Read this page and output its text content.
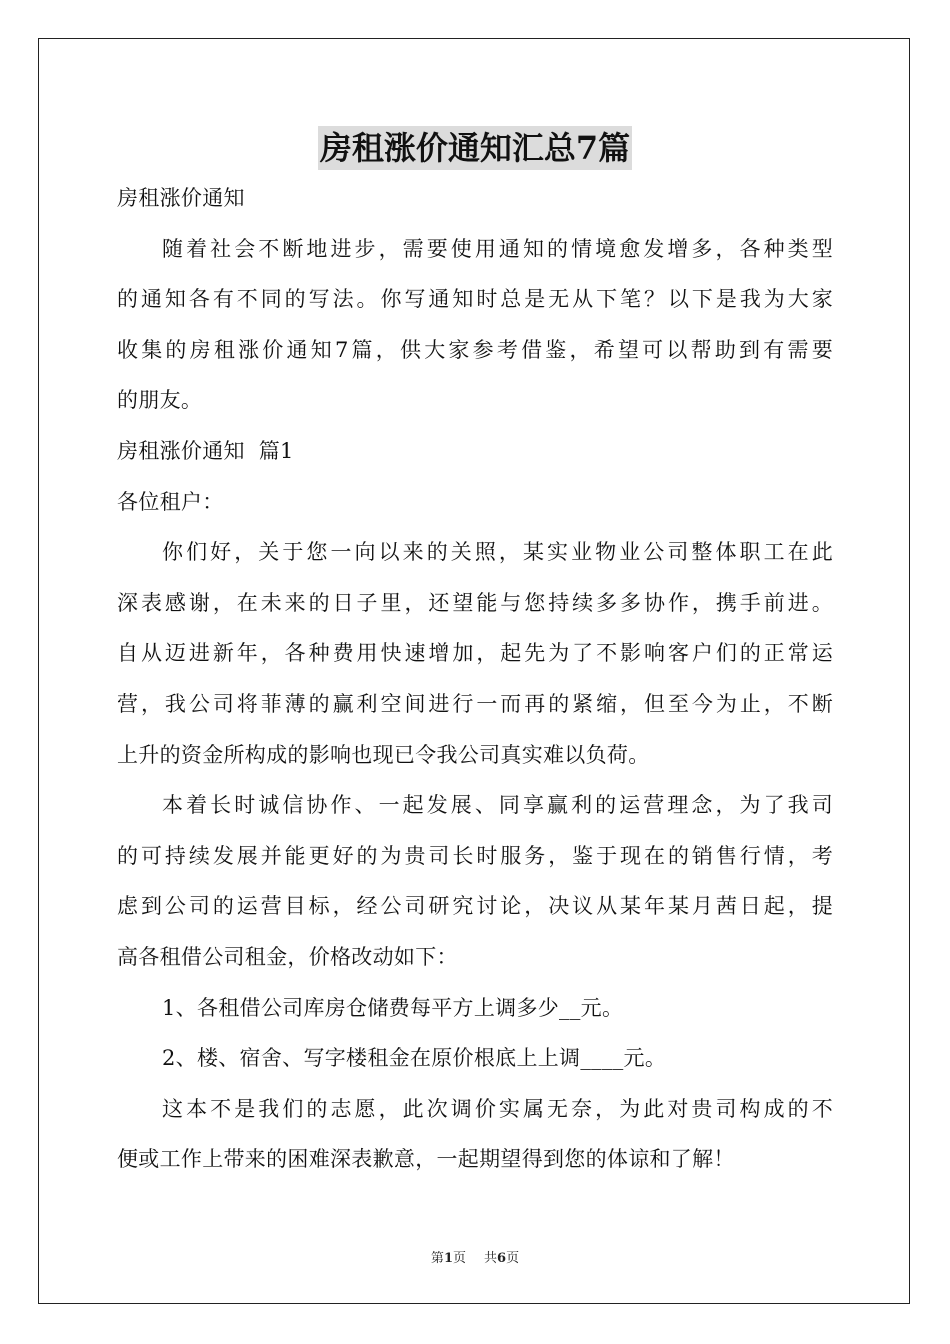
房租涨价通知汇总7篇
房租涨价通知
随着社会不断地进步，需要使用通知的情境愈发增多，各种类型
的通知各有不同的写法。你写通知时总是无从下笔？以下是我为大家
收集的房租涨价通知7篇，供大家参考借鉴，希望可以帮助到有需要
的朋友。
房租涨价通知  篇1
各位租户：
你们好，关于您一向以来的关照，某实业物业公司整体职工在此
深表感谢，在未来的日子里，还望能与您持续多多协作，携手前进。
自从迈进新年，各种费用快速增加，起先为了不影响客户们的正常运
营，我公司将菲薄的赢利空间进行一而再的紧缩，但至今为止，不断
上升的资金所构成的影响也现已令我公司真实难以负荷。
本着长时诚信协作、一起发展、同享赢利的运营理念，为了我司
的可持续发展并能更好的为贵司长时服务，鉴于现在的销售行情，考
虑到公司的运营目标，经公司研究讨论，决议从某年某月茜日起，提
高各租借公司租金，价格改动如下：
1、各租借公司库房仓储费每平方上调多少__元。
2、楼、宿舍、写字楼租金在原价根底上上调____元。
这本不是我们的志愿，此次调价实属无奈，为此对贵司构成的不
便或工作上带来的困难深表歉意，一起期望得到您的体谅和了解！
第1页 共6页
